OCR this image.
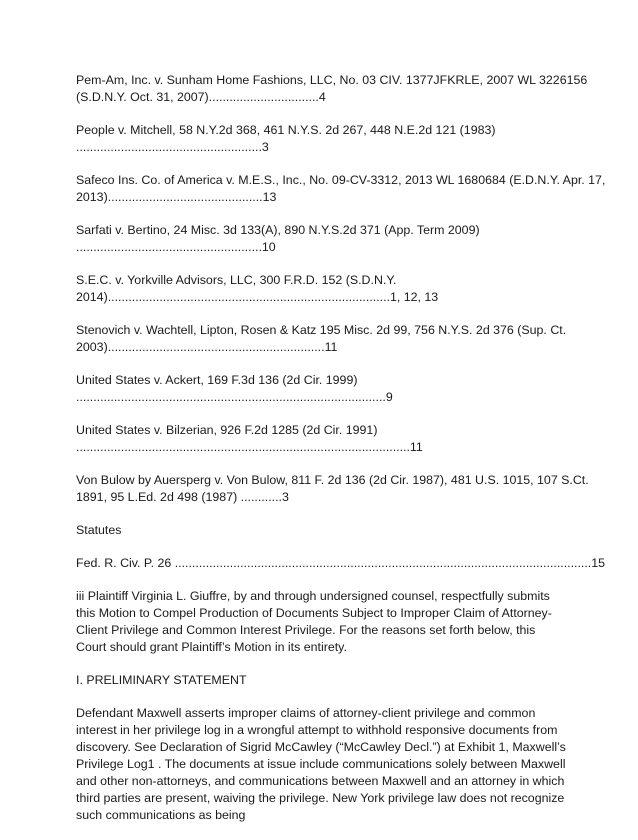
Pem-Am, Inc. v. Sunham Home Fashions, LLC, No. 03 CIV. 1377JFKRLE, 2007 WL 3226156
(S.D.N.Y. Oct. 31, 2007)................................4
People v. Mitchell, 58 N.Y.2d 368, 461 N.Y.S. 2d 267, 448 N.E.2d 121 (1983)
......................................................3
Safeco Ins. Co. of America v. M.E.S., Inc., No. 09-CV-3312, 2013 WL 1680684 (E.D.N.Y. Apr. 17,
2013).............................................13
Sarfati v. Bertino, 24 Misc. 3d 133(A), 890 N.Y.S.2d 371 (App. Term 2009)
......................................................10
S.E.C. v. Yorkville Advisors, LLC, 300 F.R.D. 152 (S.D.N.Y.
2014)..................................................................................1, 12, 13
Stenovich v. Wachtell, Lipton, Rosen & Katz 195 Misc. 2d 99, 756 N.Y.S. 2d 376 (Sup. Ct.
2003)...............................................................11
United States v. Ackert, 169 F.3d 136 (2d Cir. 1999)
..........................................................................................9
United States v. Bilzerian, 926 F.2d 1285 (2d Cir. 1991)
.................................................................................................11
Von Bulow by Auersperg v. Von Bulow, 811 F. 2d 136 (2d Cir. 1987), 481 U.S. 1015, 107 S.Ct.
1891, 95 L.Ed. 2d 498 (1987) ............3
Statutes
Fed. R. Civ. P. 26 .........................................................................................................................15

iii Plaintiff Virginia L. Giuffre, by and through undersigned counsel, respectfully submits this Motion to Compel Production of Documents Subject to Improper Claim of Attorney-Client Privilege and Common Interest Privilege. For the reasons set forth below, this Court should grant Plaintiff’s Motion in its entirety.

I. PRELIMINARY STATEMENT

Defendant Maxwell asserts improper claims of attorney-client privilege and common interest in her privilege log in a wrongful attempt to withhold responsive documents from discovery. See Declaration of Sigrid McCawley (“McCawley Decl.”) at Exhibit 1, Maxwell’s Privilege Log1 . The documents at issue include communications solely between Maxwell and other non-attorneys, and communications between Maxwell and an attorney in which third parties are present, waiving the privilege. New York privilege law does not recognize such communications as being
